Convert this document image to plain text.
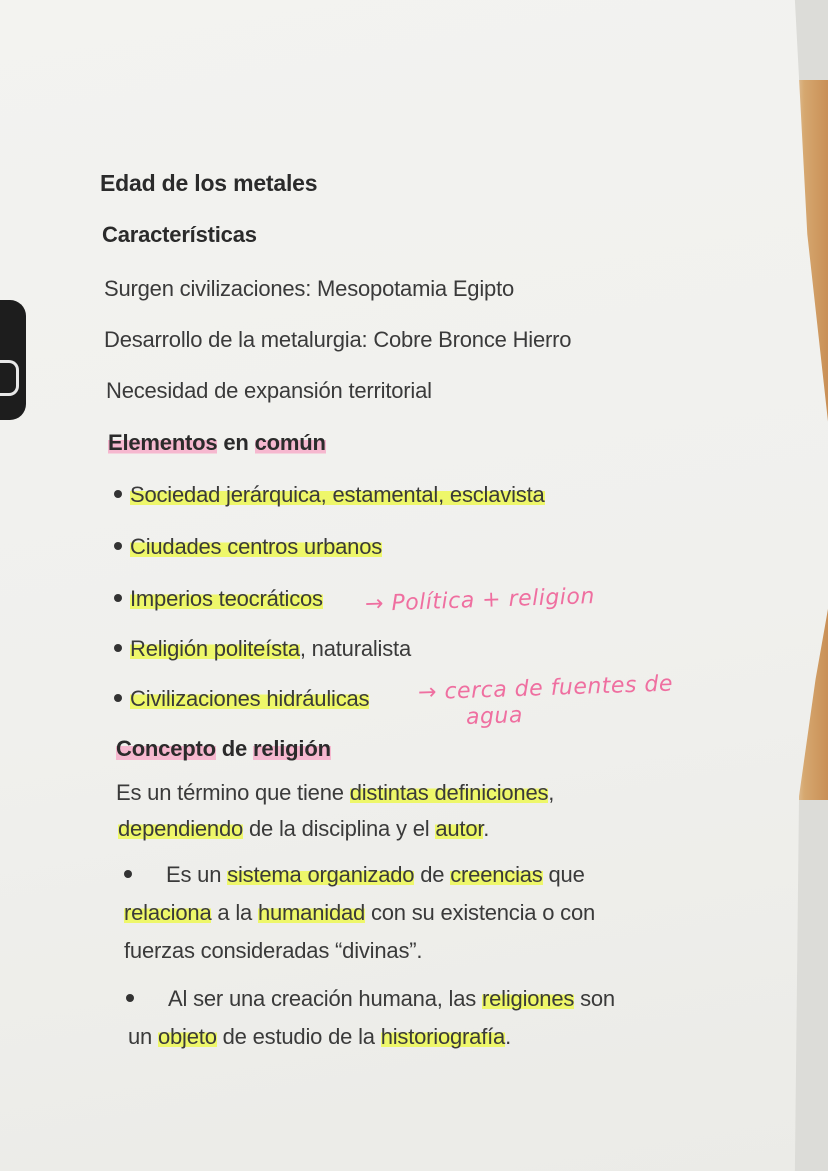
Edad de los metales
Características
Surgen civilizaciones: Mesopotamia Egipto
Desarrollo de la metalurgia: Cobre Bronce Hierro
Necesidad de expansión territorial
Elementos en común
Sociedad jerárquica, estamental, esclavista
Ciudades centros urbanos
Imperios teocráticos → Política + religion
Religión politeísta, naturalista
Civilizaciones hidráulicas → cerca de fuentes de
agua
Concepto de religión
Es un término que tiene distintas definiciones,
dependiendo de la disciplina y el autor.
Es un sistema organizado de creencias que
relaciona a la humanidad con su existencia o con
fuerzas consideradas “divinas”.
Al ser una creación humana, las religiones son
un objeto de estudio de la historiografía.
